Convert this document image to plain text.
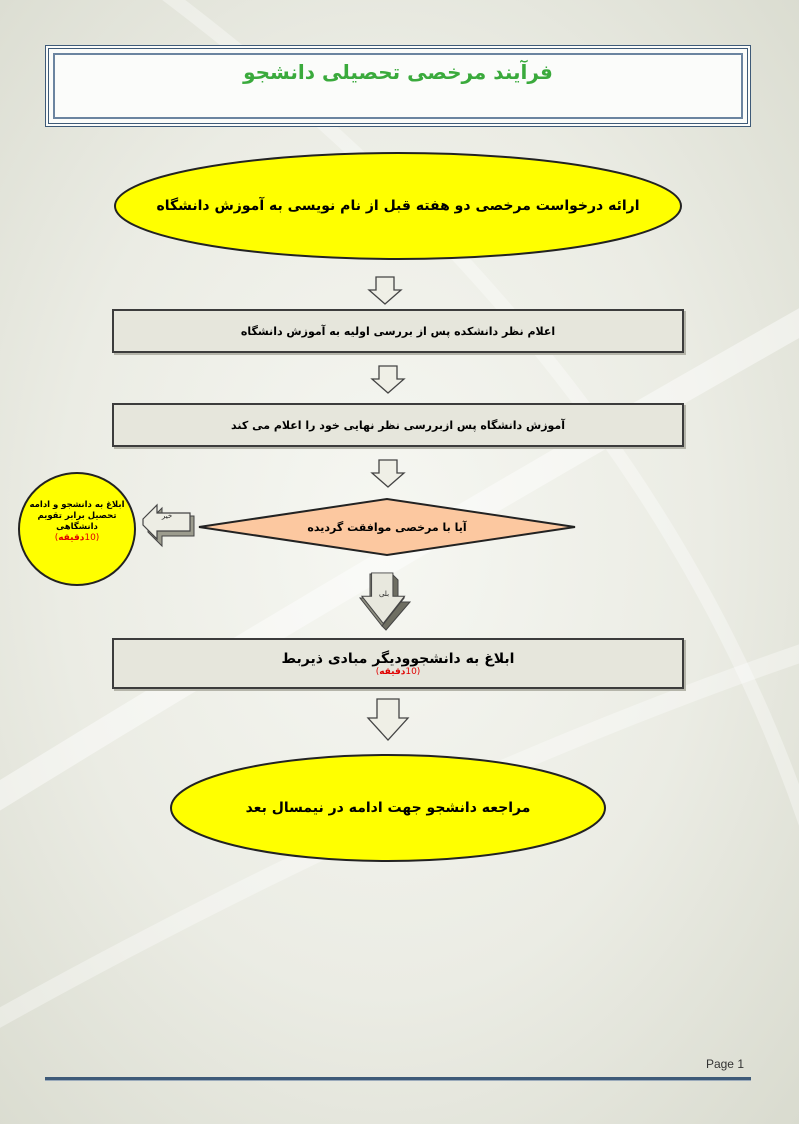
فرآیند مرخصی تحصیلی دانشجو
ارائه درخواست مرخصی دو هفته قبل از نام نویسی به آموزش دانشگاه
اعلام نظر دانشکده پس از بررسی اولیه به آموزش دانشگاه
آموزش دانشگاه پس ازبررسی نظر نهایی خود را اعلام می کند
آیا با مرخصی موافقت گردیده
خیر
ابلاغ به دانشجو و ادامه تحصیل برابر تقویم دانشگاهی
(10دقیقه)
بلی
ابلاغ به دانشجوودیگر مبادی ذیربط
(10دقیقه)
مراجعه دانشجو جهت ادامه در نیمسال بعد
Page 1
